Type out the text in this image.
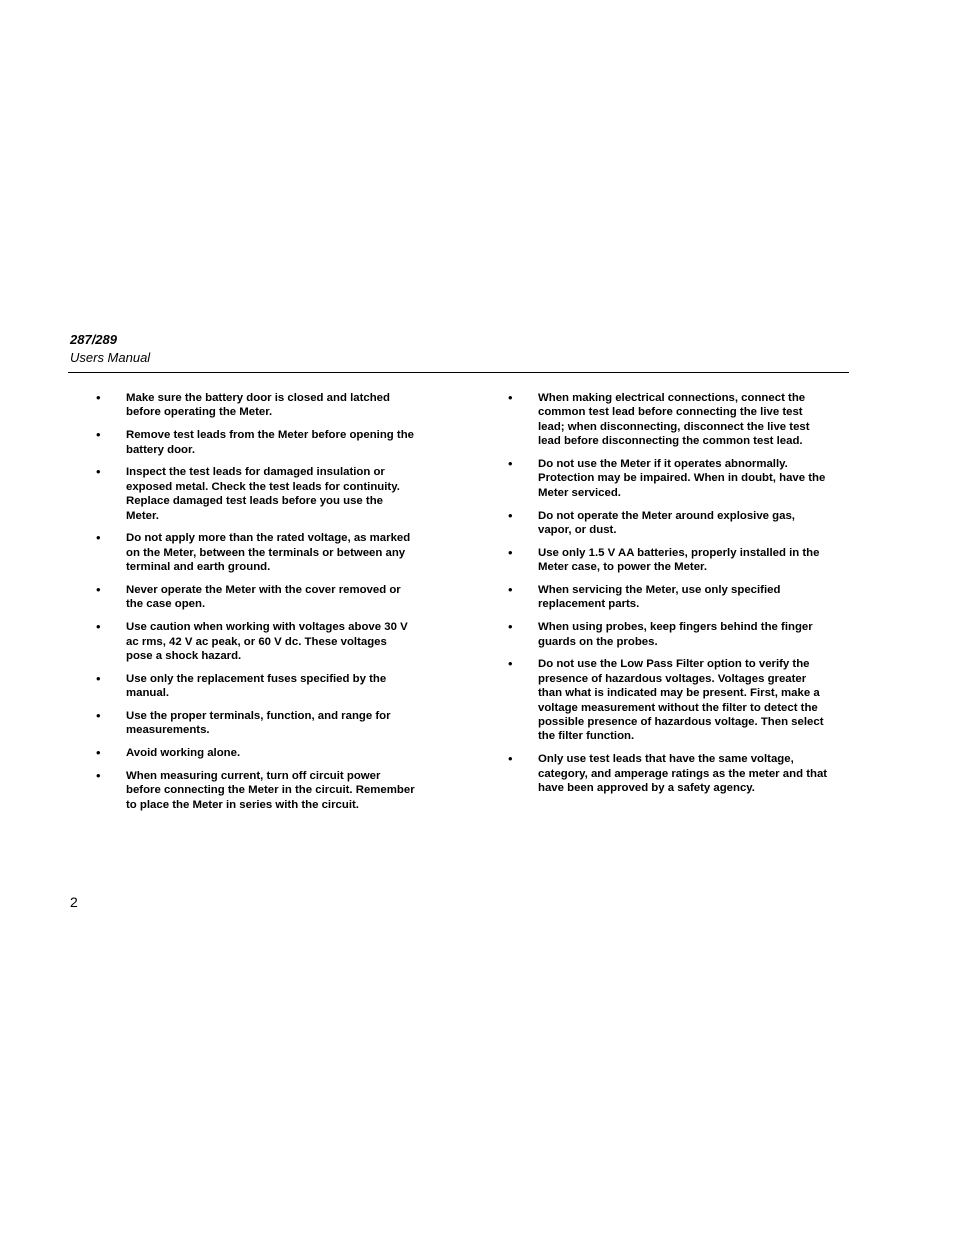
287/289
Users Manual
•	Make sure the battery door is closed and latched before operating the Meter.
•	Remove test leads from the Meter before opening the battery door.
•	Inspect the test leads for damaged insulation or exposed metal. Check the test leads for continuity. Replace damaged test leads before you use the Meter.
•	Do not apply more than the rated voltage, as marked on the Meter, between the terminals or between any terminal and earth ground.
•	Never operate the Meter with the cover removed or the case open.
•	Use caution when working with voltages above 30 V ac rms, 42 V ac peak, or 60 V dc. These voltages pose a shock hazard.
•	Use only the replacement fuses specified by the manual.
•	Use the proper terminals, function, and range for measurements.
•	Avoid working alone.
•	When measuring current, turn off circuit power before connecting the Meter in the circuit. Remember to place the Meter in series with the circuit.
•	When making electrical connections, connect the common test lead before connecting the live test lead; when disconnecting, disconnect the live test lead before disconnecting the common test lead.
•	Do not use the Meter if it operates abnormally. Protection may be impaired. When in doubt, have the Meter serviced.
•	Do not operate the Meter around explosive gas, vapor, or dust.
•	Use only 1.5 V AA batteries, properly installed in the Meter case, to power the Meter.
•	When servicing the Meter, use only specified replacement parts.
•	When using probes, keep fingers behind the finger guards on the probes.
•	Do not use the Low Pass Filter option to verify the presence of hazardous voltages. Voltages greater than what is indicated may be present. First, make a voltage measurement without the filter to detect the possible presence of hazardous voltage. Then select the filter function.
•	Only use test leads that have the same voltage, category, and amperage ratings as the meter and that have been approved by a safety agency.
2
